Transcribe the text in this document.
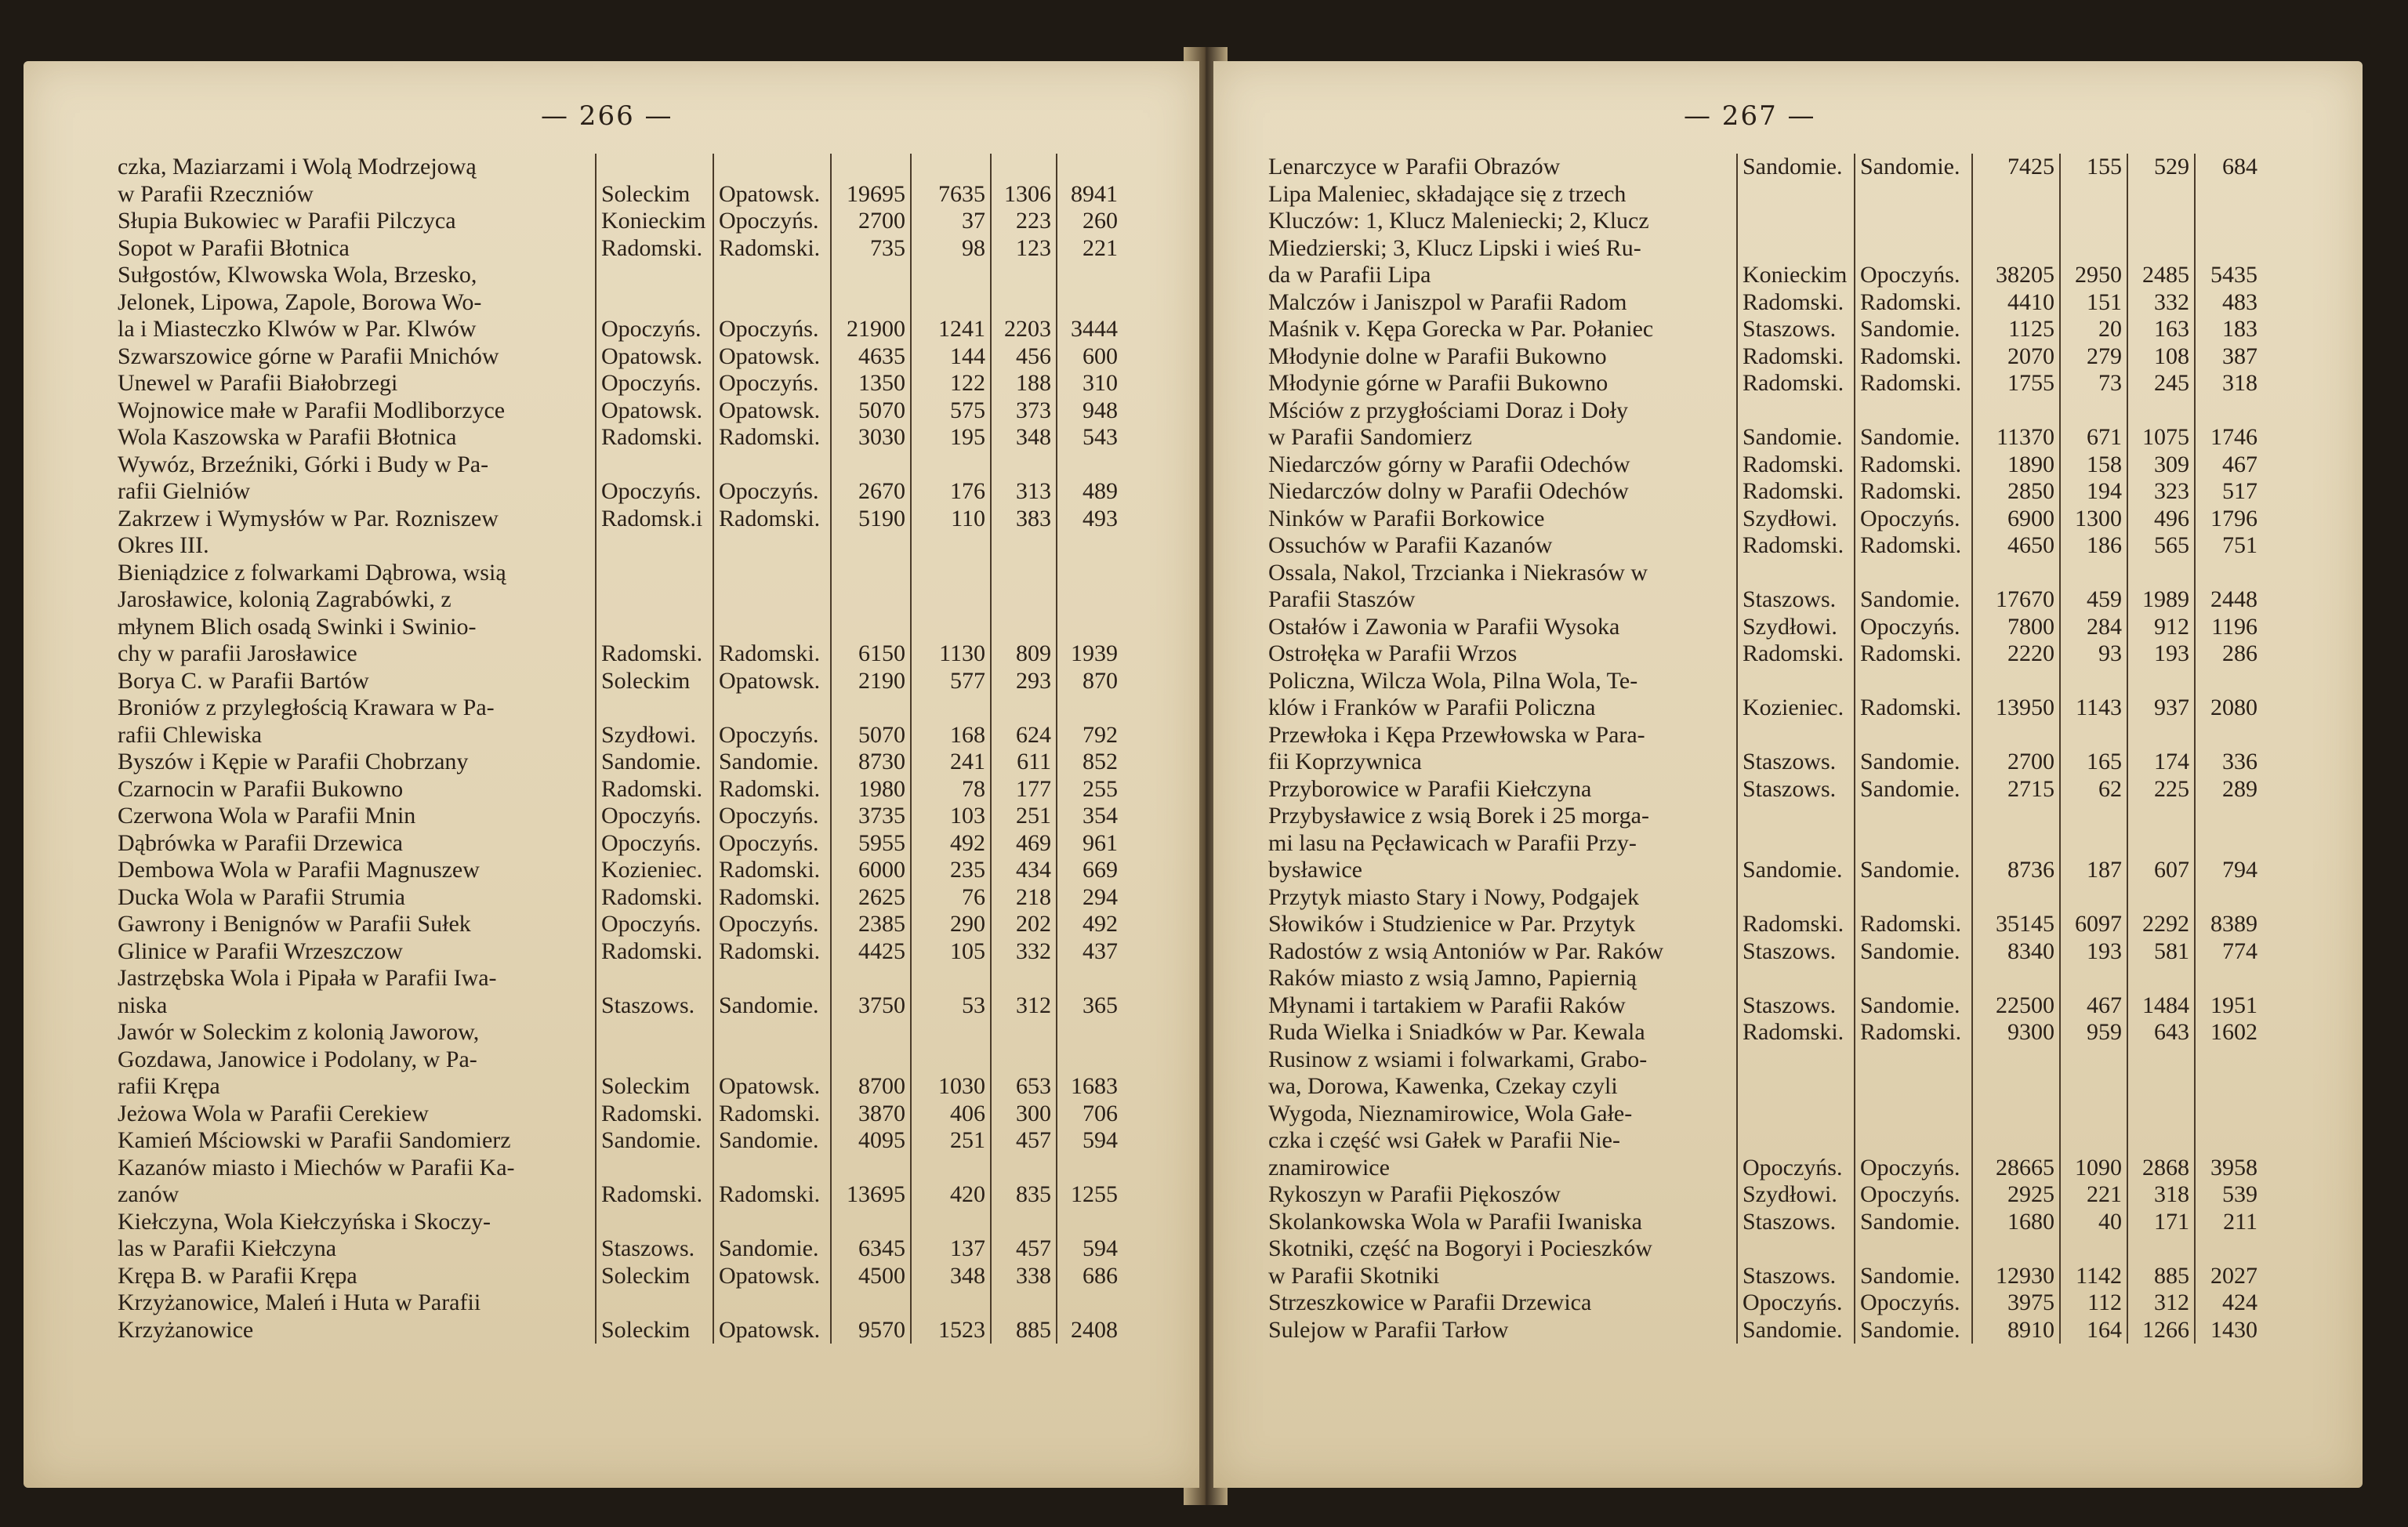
— 266 —
czka, Maziarzami i Wolą Modrzejową						
w Parafii Rzeczniów	Soleckim	Opatowsk.	19695	7635	1306	8941
Słupia Bukowiec w Parafii Pilczyca	Konieckim	Opoczyńs.	2700	37	223	260
Sopot w Parafii Błotnica	Radomski.	Radomski.	735	98	123	221
Sułgostów, Klwowska Wola, Brzesko,
Jelonek, Lipowa, Zapole, Borowa Wo-
la i Miasteczko Klwów w Par. Klwów	Opoczyńs.	Opoczyńs.	21900	1241	2203	3444
Szwarszowice górne w Parafii Mnichów	Opatowsk.	Opatowsk.	4635	144	456	600
Unewel w Parafii Białobrzegi	Opoczyńs.	Opoczyńs.	1350	122	188	310
Wojnowice małe w Parafii Modliborzyce	Opatowsk.	Opatowsk.	5070	575	373	948
Wola Kaszowska w Parafii Błotnica	Radomski.	Radomski.	3030	195	348	543
Wywóz, Brzeźniki, Górki i Budy w Pa-
rafii Gielniów	Opoczyńs.	Opoczyńs.	2670	176	313	489
Zakrzew i Wymysłów w Par. Rozniszew	Radomsk.i	Radomski.	5190	110	383	493
Okres III.						
Bieniądzice z folwarkami Dąbrowa, wsią
Jarosławice, kolonią Zagrabówki, z
młynem Blich osadą Swinki i Swinio-
chy w parafii Jarosławice	Radomski.	Radomski.	6150	1130	809	1939
Borya C. w Parafii Bartów	Soleckim	Opatowsk.	2190	577	293	870
Broniów z przyległością Krawara w Pa-
rafii Chlewiska	Szydłowi.	Opoczyńs.	5070	168	624	792
Byszów i Kępie w Parafii Chobrzany	Sandomie.	Sandomie.	8730	241	611	852
Czarnocin w Parafii Bukowno	Radomski.	Radomski.	1980	78	177	255
Czerwona Wola w Parafii Mnin	Opoczyńs.	Opoczyńs.	3735	103	251	354
Dąbrówka w Parafii Drzewica	Opoczyńs.	Opoczyńs.	5955	492	469	961
Dembowa Wola w Parafii Magnuszew	Kozieniec.	Radomski.	6000	235	434	669
Ducka Wola w Parafii Strumia	Radomski.	Radomski.	2625	76	218	294
Gawrony i Benignów w Parafii Sułek	Opoczyńs.	Opoczyńs.	2385	290	202	492
Glinice w Parafii Wrzeszczow	Radomski.	Radomski.	4425	105	332	437
Jastrzębska Wola i Pipała w Parafii Iwa-
niska	Staszows.	Sandomie.	3750	53	312	365
Jawór w Soleckim z kolonią Jaworow,
Gozdawa, Janowice i Podolany, w Pa-
rafii Krępa	Soleckim	Opatowsk.	8700	1030	653	1683
Jeżowa Wola w Parafii Cerekiew	Radomski.	Radomski.	3870	406	300	706
Kamień Mściowski w Parafii Sandomierz	Sandomie.	Sandomie.	4095	251	457	594
Kazanów miasto i Miechów w Parafii Ka-
zanów	Radomski.	Radomski.	13695	420	835	1255
Kiełczyna, Wola Kiełczyńska i Skoczy-
las w Parafii Kiełczyna	Staszows.	Sandomie.	6345	137	457	594
Krępa B. w Parafii Krępa	Soleckim	Opatowsk.	4500	348	338	686
Krzyżanowice, Maleń i Huta w Parafii
Krzyżanowice	Soleckim	Opatowsk.	9570	1523	885	2408
— 267 —
Lenarczyce w Parafii Obrazów	Sandomie.	Sandomie.	7425	155	529	684
Lipa Maleniec, składające się z trzech
Kluczów: 1, Klucz Maleniecki; 2, Klucz
Miedzierski; 3, Klucz Lipski i wieś Ru-
da w Parafii Lipa	Konieckim	Opoczyńs.	38205	2950	2485	5435
Malczów i Janiszpol w Parafii Radom	Radomski.	Radomski.	4410	151	332	483
Maśnik v. Kępa Gorecka w Par. Połaniec	Staszows.	Sandomie.	1125	20	163	183
Młodynie dolne w Parafii Bukowno	Radomski.	Radomski.	2070	279	108	387
Młodynie górne w Parafii Bukowno	Radomski.	Radomski.	1755	73	245	318
Mściów z przygłościami Doraz i Doły
w Parafii Sandomierz	Sandomie.	Sandomie.	11370	671	1075	1746
Niedarczów górny w Parafii Odechów	Radomski.	Radomski.	1890	158	309	467
Niedarczów dolny w Parafii Odechów	Radomski.	Radomski.	2850	194	323	517
Ninków w Parafii Borkowice	Szydłowi.	Opoczyńs.	6900	1300	496	1796
Ossuchów w Parafii Kazanów	Radomski.	Radomski.	4650	186	565	751
Ossala, Nakol, Trzcianka i Niekrasów w
Parafii Staszów	Staszows.	Sandomie.	17670	459	1989	2448
Ostałów i Zawonia w Parafii Wysoka	Szydłowi.	Opoczyńs.	7800	284	912	1196
Ostrołęka w Parafii Wrzos	Radomski.	Radomski.	2220	93	193	286
Policzna, Wilcza Wola, Pilna Wola, Te-
klów i Franków w Parafii Policzna	Kozieniec.	Radomski.	13950	1143	937	2080
Przewłoka i Kępa Przewłowska w Para-
fii Koprzywnica	Staszows.	Sandomie.	2700	165	174	336
Przyborowice w Parafii Kiełczyna	Staszows.	Sandomie.	2715	62	225	289
Przybysławice z wsią Borek i 25 morga-
mi lasu na Pęcławicach w Parafii Przy-
bysławice	Sandomie.	Sandomie.	8736	187	607	794
Przytyk miasto Stary i Nowy, Podgajek
Słowików i Studzienice w Par. Przytyk	Radomski.	Radomski.	35145	6097	2292	8389
Radostów z wsią Antoniów w Par. Raków	Staszows.	Sandomie.	8340	193	581	774
Raków miasto z wsią Jamno, Papiernią
Młynami i tartakiem w Parafii Raków	Staszows.	Sandomie.	22500	467	1484	1951
Ruda Wielka i Sniadków w Par. Kewala	Radomski.	Radomski.	9300	959	643	1602
Rusinow z wsiami i folwarkami, Grabo-
wa, Dorowa, Kawenka, Czekay czyli
Wygoda, Nieznamirowice, Wola Gałe-
czka i część wsi Gałek w Parafii Nie-
znamirowice	Opoczyńs.	Opoczyńs.	28665	1090	2868	3958
Rykoszyn w Parafii Piękoszów	Szydłowi.	Opoczyńs.	2925	221	318	539
Skolankowska Wola w Parafii Iwaniska	Staszows.	Sandomie.	1680	40	171	211
Skotniki, część na Bogoryi i Pocieszków
w Parafii Skotniki	Staszows.	Sandomie.	12930	1142	885	2027
Strzeszkowice w Parafii Drzewica	Opoczyńs.	Opoczyńs.	3975	112	312	424
Sulejow w Parafii Tarłow	Sandomie.	Sandomie.	8910	164	1266	1430
